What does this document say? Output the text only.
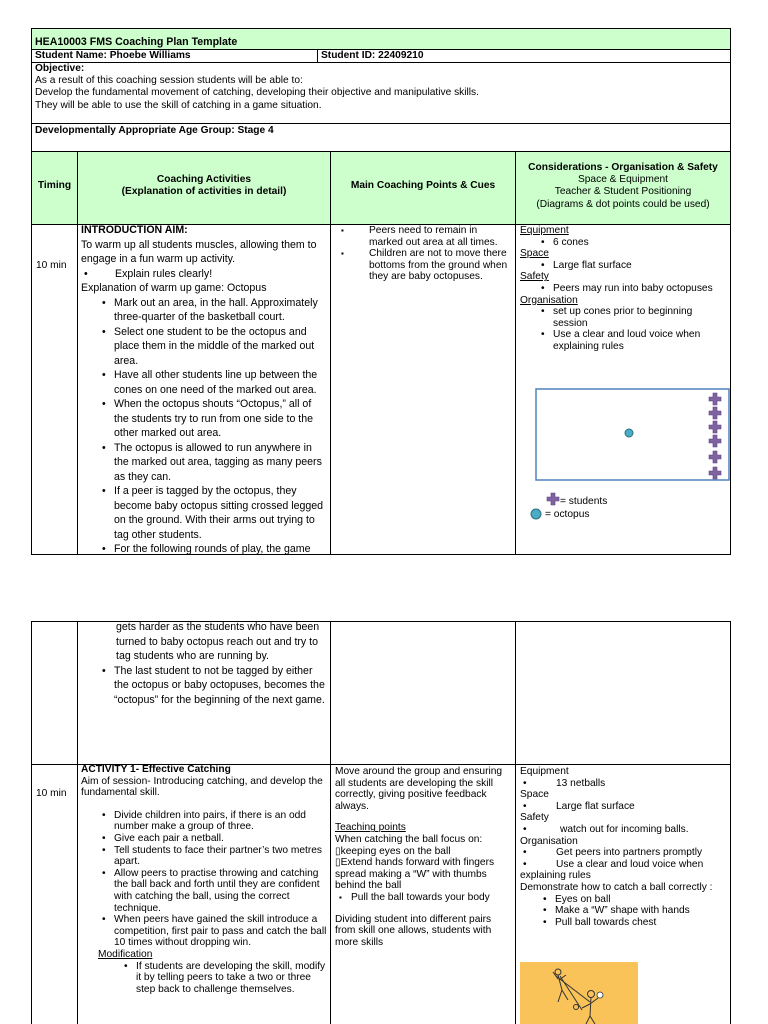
HEA10003 FMS Coaching Plan Template
Student Name: Phoebe Williams	Student ID: 22409210
Objective:
As a result of this coaching session students will be able to:
Develop the fundamental movement of catching, developing their objective and manipulative skills.
They will be able to use the skill of catching in a game situation.
Developmentally Appropriate Age Group: Stage 4
Timing
Coaching Activities
(Explanation of activities in detail)
Main Coaching Points & Cues
Considerations - Organisation & Safety
Space & Equipment
Teacher & Student Positioning
(Diagrams & dot points could be used)
10 min
INTRODUCTION AIM:
To warm up all students muscles, allowing them to engage in a fun warm up activity.
• Explain rules clearly!
Explanation of warm up game: Octopus
• Mark out an area, in the hall. Approximately three-quarter of the basketball court.
• Select one student to be the octopus and place them in the middle of the marked out area.
• Have all other students line up between the cones on one need of the marked out area.
• When the octopus shouts “Octopus,” all of the students try to run from one side to the other marked out area.
• The octopus is allowed to run anywhere in the marked out area, tagging as many peers as they can.
• If a peer is tagged by the octopus, they become baby octopus sitting crossed legged on the ground. With their arms out trying to tag other students.
• For the following rounds of play, the game
▪ Peers need to remain in marked out area at all times.
▪ Children are not to move there bottoms from the ground when they are baby octopuses.
Equipment
• 6 cones
Space
• Large flat surface
Safety
• Peers may run into baby octopuses
Organisation
• set up cones prior to beginning session
• Use a clear and loud voice when explaining rules
= students
= octopus
gets harder as the students who have been turned to baby octopus reach out and try to tag students who are running by.
• The last student to not be tagged by either the octopus or baby octopuses, becomes the “octopus” for the beginning of the next game.
10 min
ACTIVITY 1- Effective Catching
Aim of session- Introducing catching, and develop the fundamental skill.
• Divide children into pairs, if there is an odd number make a group of three.
• Give each pair a netball.
• Tell students to face their partner’s two metres apart.
• Allow peers to practise throwing and catching the ball back and forth until they are confident with catching the ball, using the correct technique.
• When peers have gained the skill introduce a competition, first pair to pass and catch the ball 10 times without dropping win.
Modification
• If students are developing the skill, modify it by telling peers to take a two or three step back to challenge themselves.
Move around the group and ensuring all students are developing the skill correctly, giving positive feedback always.
Teaching points
When catching the ball focus on:
▯keeping eyes on the ball
▯Extend hands forward with fingers spread making a “W” with thumbs behind the ball
▪ Pull the ball towards your body
Dividing student into different pairs from skill one allows, students with more skills
Equipment
• 13 netballs
Space
• Large flat surface
Safety
• watch out for incoming balls.
Organisation
• Get peers into partners promptly
• Use a clear and loud voice when explaining rules
Demonstrate how to catch a ball correctly :
• Eyes on ball
• Make a “W” shape with hands
• Pull ball towards chest
